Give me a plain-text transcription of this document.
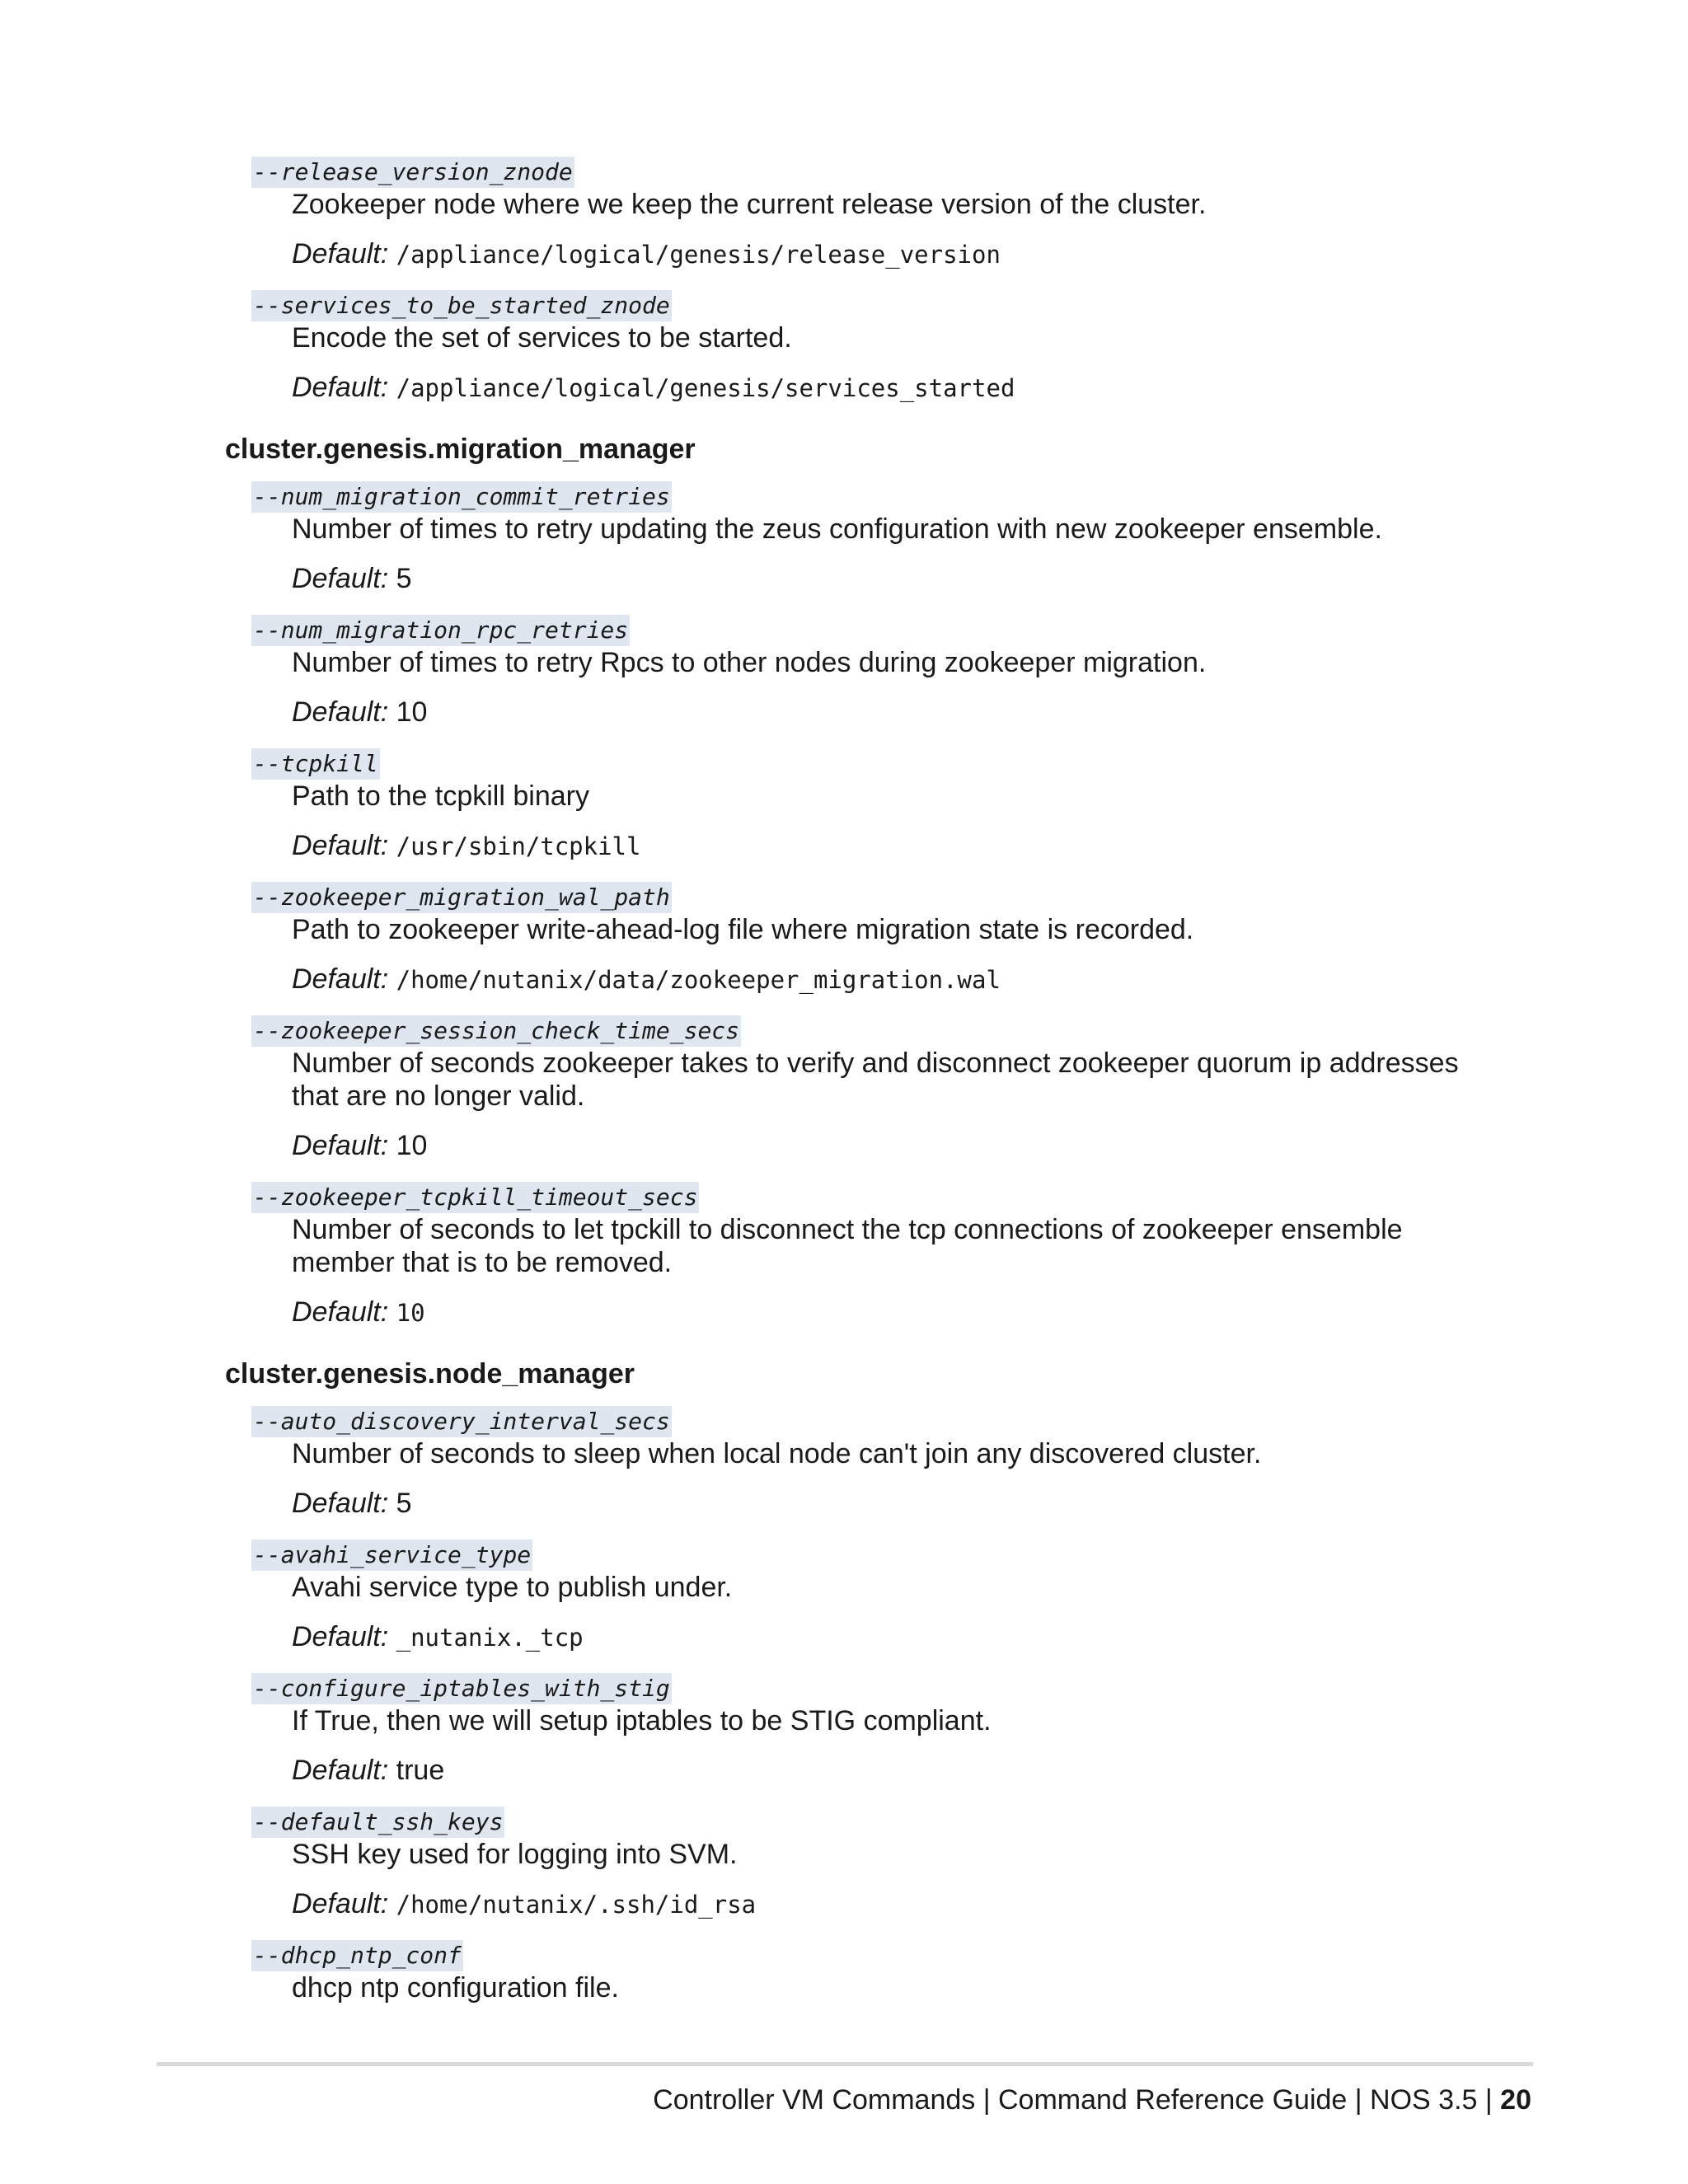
--release_version_znode
Zookeeper node where we keep the current release version of the cluster.
Default: /appliance/logical/genesis/release_version
--services_to_be_started_znode
Encode the set of services to be started.
Default: /appliance/logical/genesis/services_started
cluster.genesis.migration_manager
--num_migration_commit_retries
Number of times to retry updating the zeus configuration with new zookeeper ensemble.
Default: 5
--num_migration_rpc_retries
Number of times to retry Rpcs to other nodes during zookeeper migration.
Default: 10
--tcpkill
Path to the tcpkill binary
Default: /usr/sbin/tcpkill
--zookeeper_migration_wal_path
Path to zookeeper write-ahead-log file where migration state is recorded.
Default: /home/nutanix/data/zookeeper_migration.wal
--zookeeper_session_check_time_secs
Number of seconds zookeeper takes to verify and disconnect zookeeper quorum ip addresses that are no longer valid.
Default: 10
--zookeeper_tcpkill_timeout_secs
Number of seconds to let tpckill to disconnect the tcp connections of zookeeper ensemble member that is to be removed.
Default: 10
cluster.genesis.node_manager
--auto_discovery_interval_secs
Number of seconds to sleep when local node can't join any discovered cluster.
Default: 5
--avahi_service_type
Avahi service type to publish under.
Default: _nutanix._tcp
--configure_iptables_with_stig
If True, then we will setup iptables to be STIG compliant.
Default: true
--default_ssh_keys
SSH key used for logging into SVM.
Default: /home/nutanix/.ssh/id_rsa
--dhcp_ntp_conf
dhcp ntp configuration file.
Controller VM Commands | Command Reference Guide | NOS 3.5 | 20
